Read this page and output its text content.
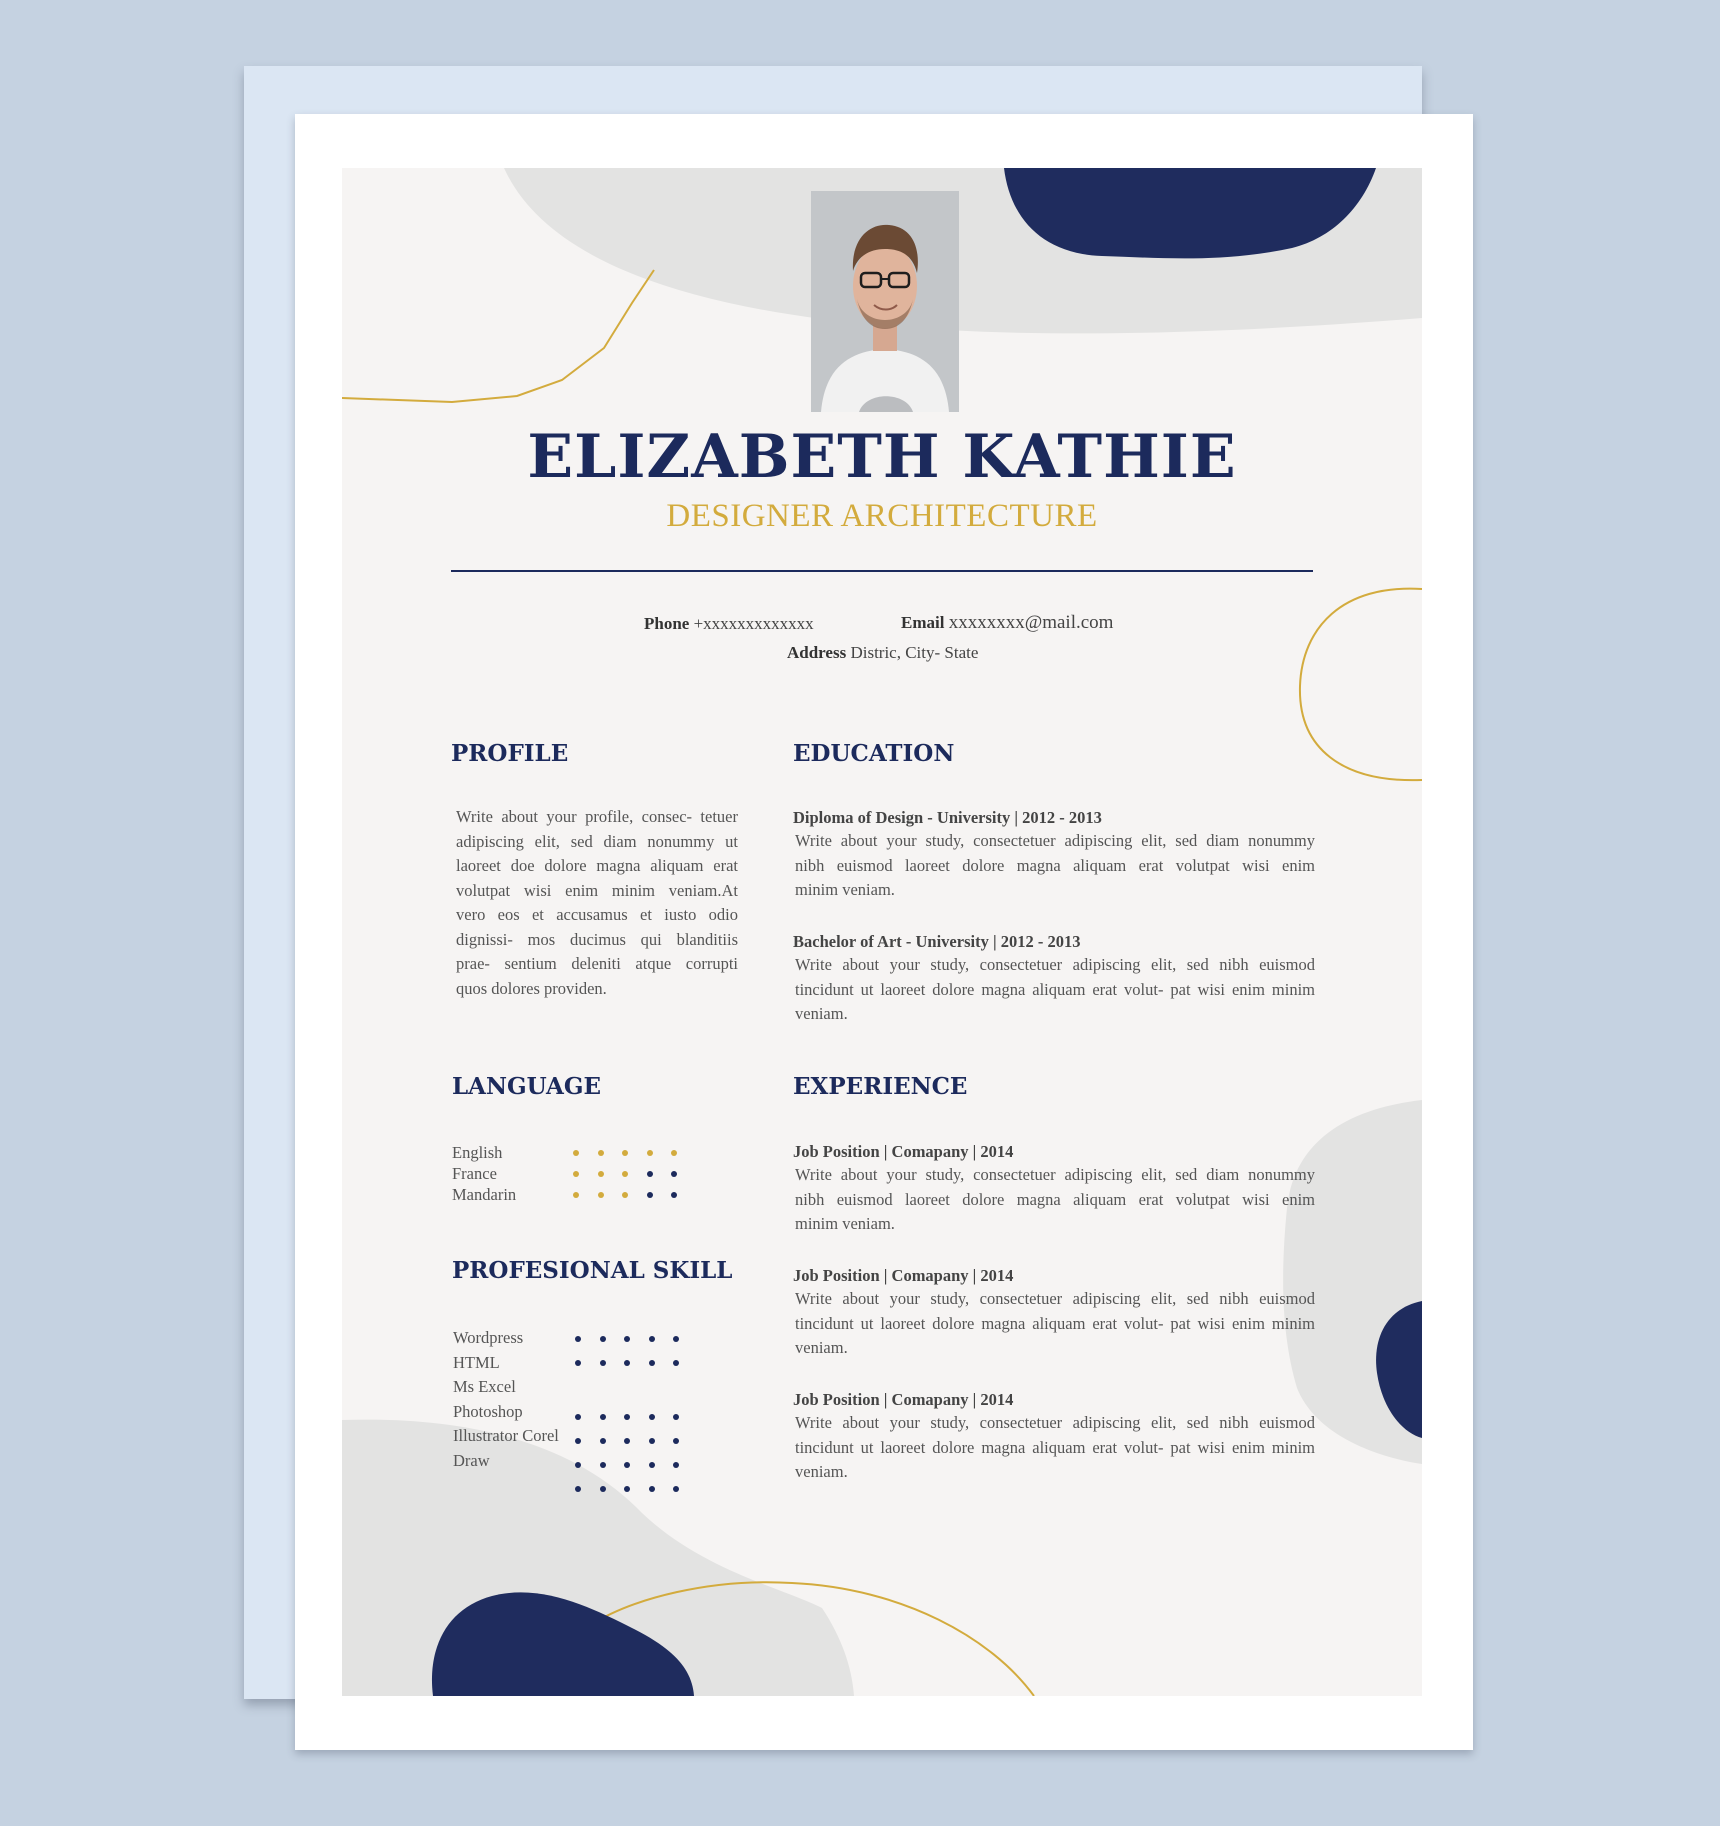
ELIZABETH KATHIE
DESIGNER ARCHITECTURE
Phone +xxxxxxxxxxxxx	Email xxxxxxxx@mail.com
Address Distric, City- State
PROFILE
Write about your profile, consec- tetuer
adipiscing elit, sed diam nonummy ut
laoreet doe dolore magna aliquam erat
volutpat wisi enim minim veniam.At
vero eos et accusamus et iusto odio
dignissi- mos ducimus qui blanditiis
prae- sentium deleniti atque corrupti
quos dolores providen.
EDUCATION
Diploma of Design - University | 2012 - 2013
Write about your study, consectetuer adipiscing elit, sed diam nonummy
nibh euismod laoreet dolore magna aliquam erat volutpat wisi enim
minim veniam.
Bachelor of Art - University | 2012 - 2013
Write about your study, consectetuer adipiscing elit, sed nibh euismod
tincidunt ut laoreet dolore magna aliquam erat volut- pat wisi enim minim
veniam.
LANGUAGE
PROFESIONAL SKILL
EXPERIENCE
Job Position | Comapany | 2014
Write about your study, consectetuer adipiscing elit, sed diam nonummy
nibh euismod laoreet dolore magna aliquam erat volutpat wisi enim
minim veniam.
Job Position | Comapany | 2014
Write about your study, consectetuer adipiscing elit, sed nibh euismod
tincidunt ut laoreet dolore magna aliquam erat volut- pat wisi enim minim
veniam.
Job Position | Comapany | 2014
Write about your study, consectetuer adipiscing elit, sed nibh euismod
tincidunt ut laoreet dolore magna aliquam erat volut- pat wisi enim minim
veniam.
English
France
Mandarin
Wordpress
HTML
Ms Excel
Photoshop
Illustrator Corel
Draw
